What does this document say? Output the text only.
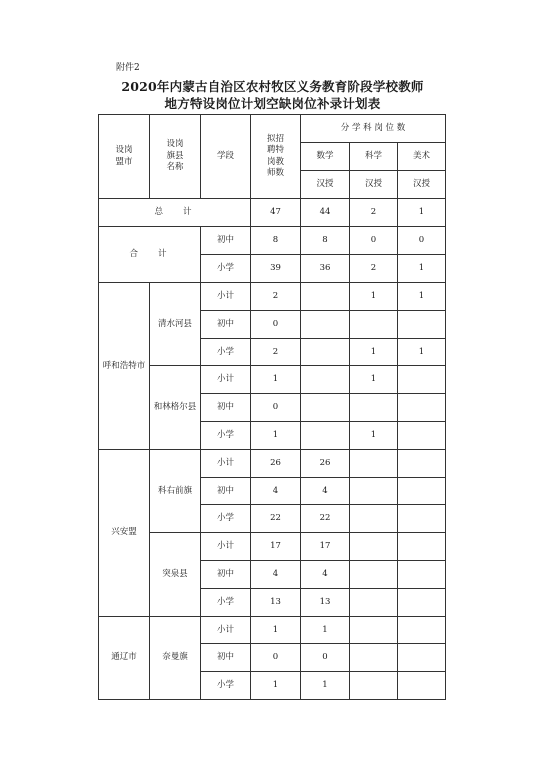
附件2
2020年内蒙古自治区农村牧区义务教育阶段学校教师
地方特设岗位计划空缺岗位补录计划表
设岗
盟市	设岗
旗县
名称	学段	拟招
聘特
岗教
师数	分 学 科 岗 位 数		
				数学	科学	美术
				汉授	汉授	汉授
总   计			47	44	2	1
合   计		初中	8	8	0	0
		小学	39	36	2	1
呼和浩特市	清水河县	小计	2		1	1
		初中	0			
		小学	2		1	1
	和林格尔县	小计	1		1	
		初中	0			
		小学	1		1	
兴安盟	科右前旗	小计	26	26		
		初中	4	4		
		小学	22	22		
	突泉县	小计	17	17		
		初中	4	4		
		小学	13	13		
通辽市	奈曼旗	小计	1	1		
		初中	0	0		
		小学	1	1		
